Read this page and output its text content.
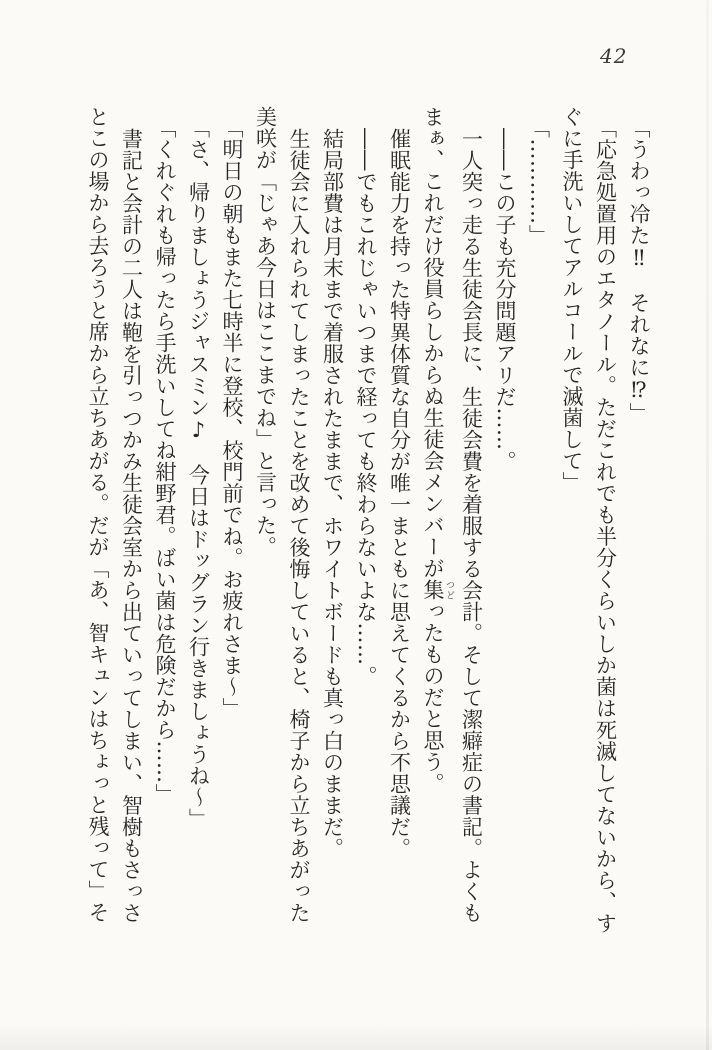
42
「うわっ冷た‼　それなに⁉」
「応急処置用のエタノール。ただこれでも半分くらいしか菌は死滅してないから、す
ぐに手洗いしてアルコールで滅菌して」
「…………」
――この子も充分問題アリだ……。
一人突っ走る生徒会長に、生徒会費を着服する会計。そして潔癖症の書記。よくも
まぁ、これだけ役員らしからぬ生徒会メンバーが集 つどったものだと思う。
催眠能力を持った特異体質な自分が唯一まともに思えてくるから不思議だ。
――でもこれじゃいつまで経っても終わらないよな……。
結局部費は月末まで着服されたままで、ホワイトボードも真っ白のままだ。
生徒会に入れられてしまったことを改めて後悔していると、椅子から立ちあがった
美咲が「じゃあ今日はここまでね」と言った。
「明日の朝もまた七時半に登校、校門前でね。お疲れさま〜」
「さ、帰りましょうジャスミン♪　今日はドッグラン行きましょうね〜」
「くれぐれも帰ったら手洗いしてね紺野君。ばい菌は危険だから……」
書記と会計の二人は鞄を引っつかみ生徒会室から出ていってしまい、智樹もさっさ
とこの場から去ろうと席から立ちあがる。だが「あ、智キュンはちょっと残って」そ
